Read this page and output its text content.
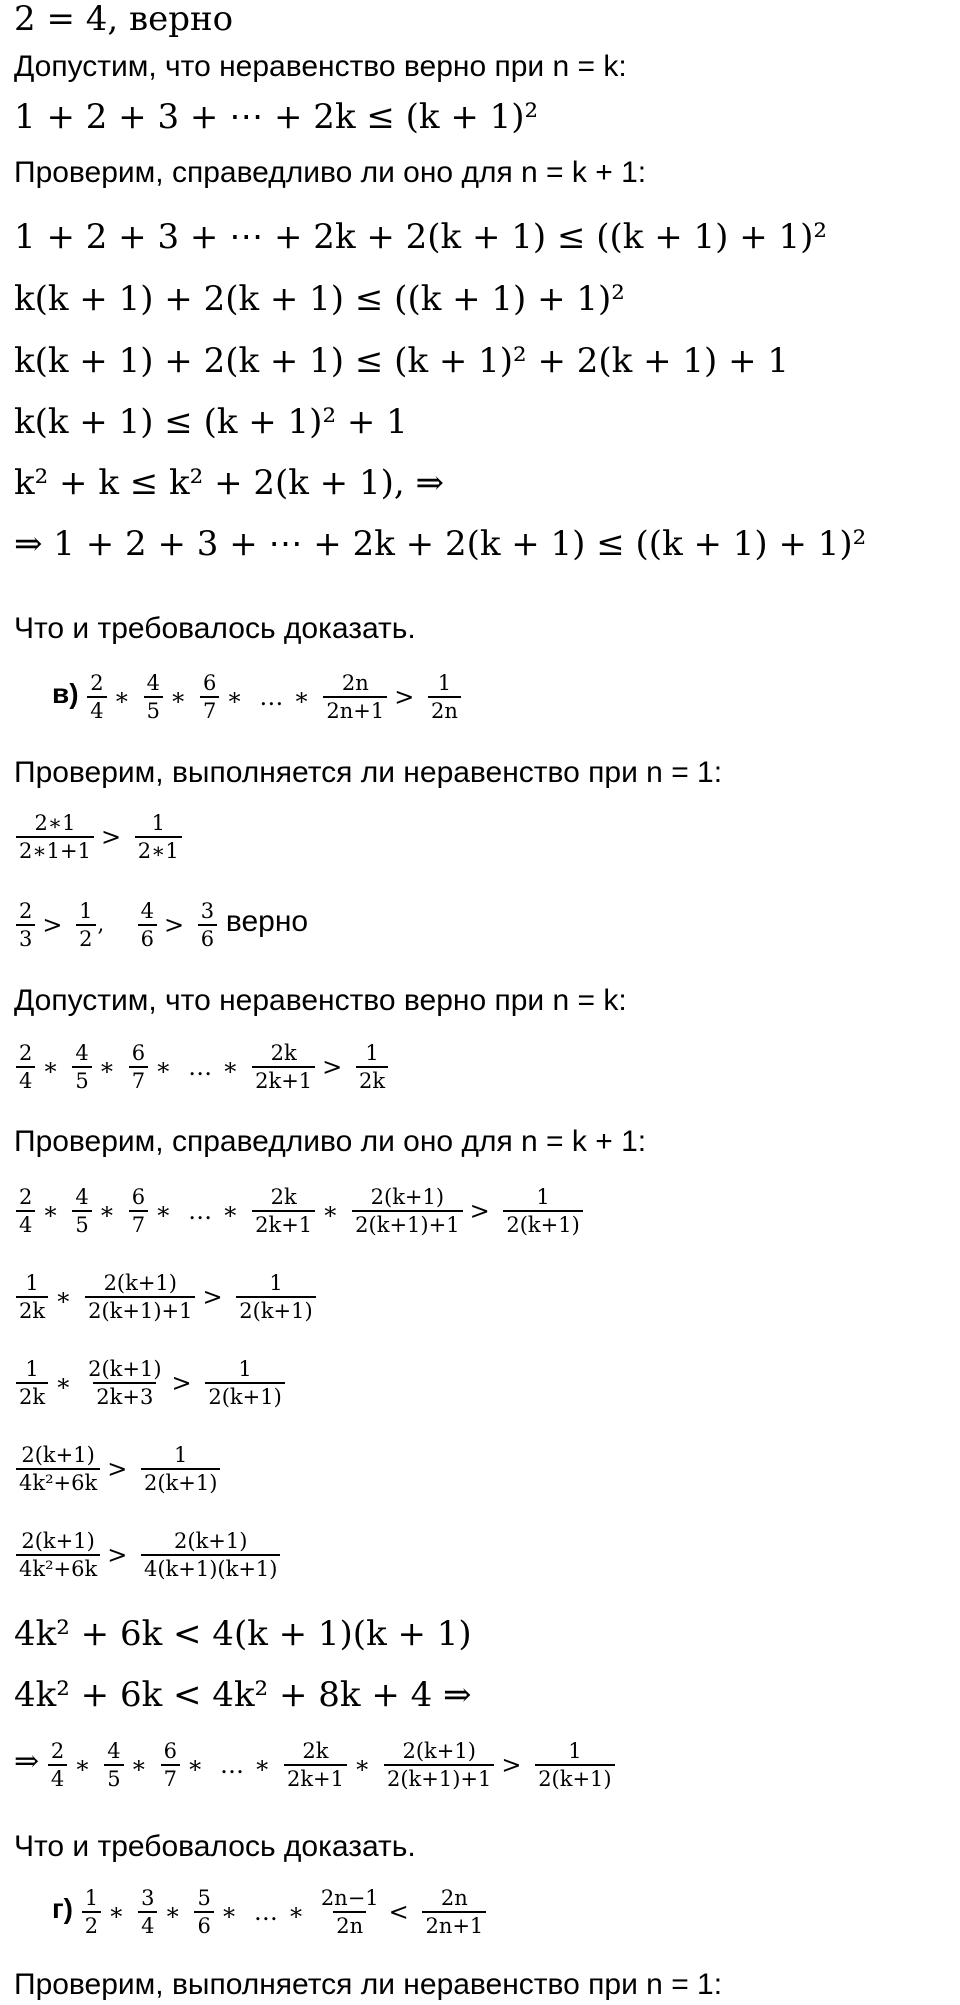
2 = 4, верно
Допустим, что неравенство верно при n = k:
1 + 2 + 3 + ⋯ + 2k ≤ (k + 1)²
Проверим, справедливо ли оно для n = k + 1:
1 + 2 + 3 + ⋯ + 2k + 2(k + 1) ≤ ((k + 1) + 1)²
k(k + 1) + 2(k + 1) ≤ ((k + 1) + 1)²
k(k + 1) + 2(k + 1) ≤ (k + 1)² + 2(k + 1) + 1
k(k + 1) ≤ (k + 1)² + 1
k² + k ≤ k² + 2(k + 1), ⇒
⇒ 1 + 2 + 3 + ⋯ + 2k + 2(k + 1) ≤ ((k + 1) + 1)²
Что и требовалось доказать.
$в) \frac{2}{4}$ ∗ $\frac{4}{5}$ ∗ $\frac{6}{7}$ ∗ … ∗ $\frac{2n}{2n+1} > \frac{1}{2n}$
Проверим, выполняется ли неравенство при n = 1:
$\frac{2∗1}{2∗1+1} > \frac{1}{2∗1}$
$\frac{2}{3} > \frac{1}{2}$ , $\frac{4}{6} > \frac{3}{6}$ верно
Допустим, что неравенство верно при n = k:
$\frac{2}{4}$ ∗ $\frac{4}{5}$ ∗ $\frac{6}{7}$ ∗ … ∗ $\frac{2k}{2k+1} > \frac{1}{2k}$
Проверим, справедливо ли оно для n = k + 1:
$\frac{2}{4}$ ∗ $\frac{4}{5}$ ∗ $\frac{6}{7}$ ∗ … ∗ $\frac{2k}{2k+1}$ ∗ $\frac{2(k+1)}{2(k+1)+1} > \frac{1}{2(k+1)}$
$\frac{1}{2k}$ ∗ $\frac{2(k+1)}{2(k+1)+1} > \frac{1}{2(k+1)}$
$\frac{1}{2k}$ ∗ $\frac{2(k+1)}{2k+3} > \frac{1}{2(k+1)}$
$\frac{2(k+1)}{\text{4k²+6k}} > \frac{1}{2(k+1)}$
$\frac{2(k+1)}{\text{4k²+6k}} > \frac{2(k+1)}{4(k+1)(k+1)}$
4k² + 6k < 4(k + 1)(k + 1)
4k² + 6k < 4k² + 8k + 4 ⇒
⇒ $\frac{2}{4}$ ∗ $\frac{4}{5}$ ∗ $\frac{6}{7}$ ∗ … ∗ $\frac{2k}{2k+1}$ ∗ $\frac{2(k+1)}{2(k+1)+1} > \frac{1}{2(k+1)}$
Что и требовалось доказать.
$г) \frac{1}{2}$ ∗ $\frac{3}{4}$ ∗ $\frac{5}{6}$ ∗ … ∗ $\frac{2n-1}{2n} < \frac{2n}{2n+1}$
Проверим, выполняется ли неравенство при n = 1:
